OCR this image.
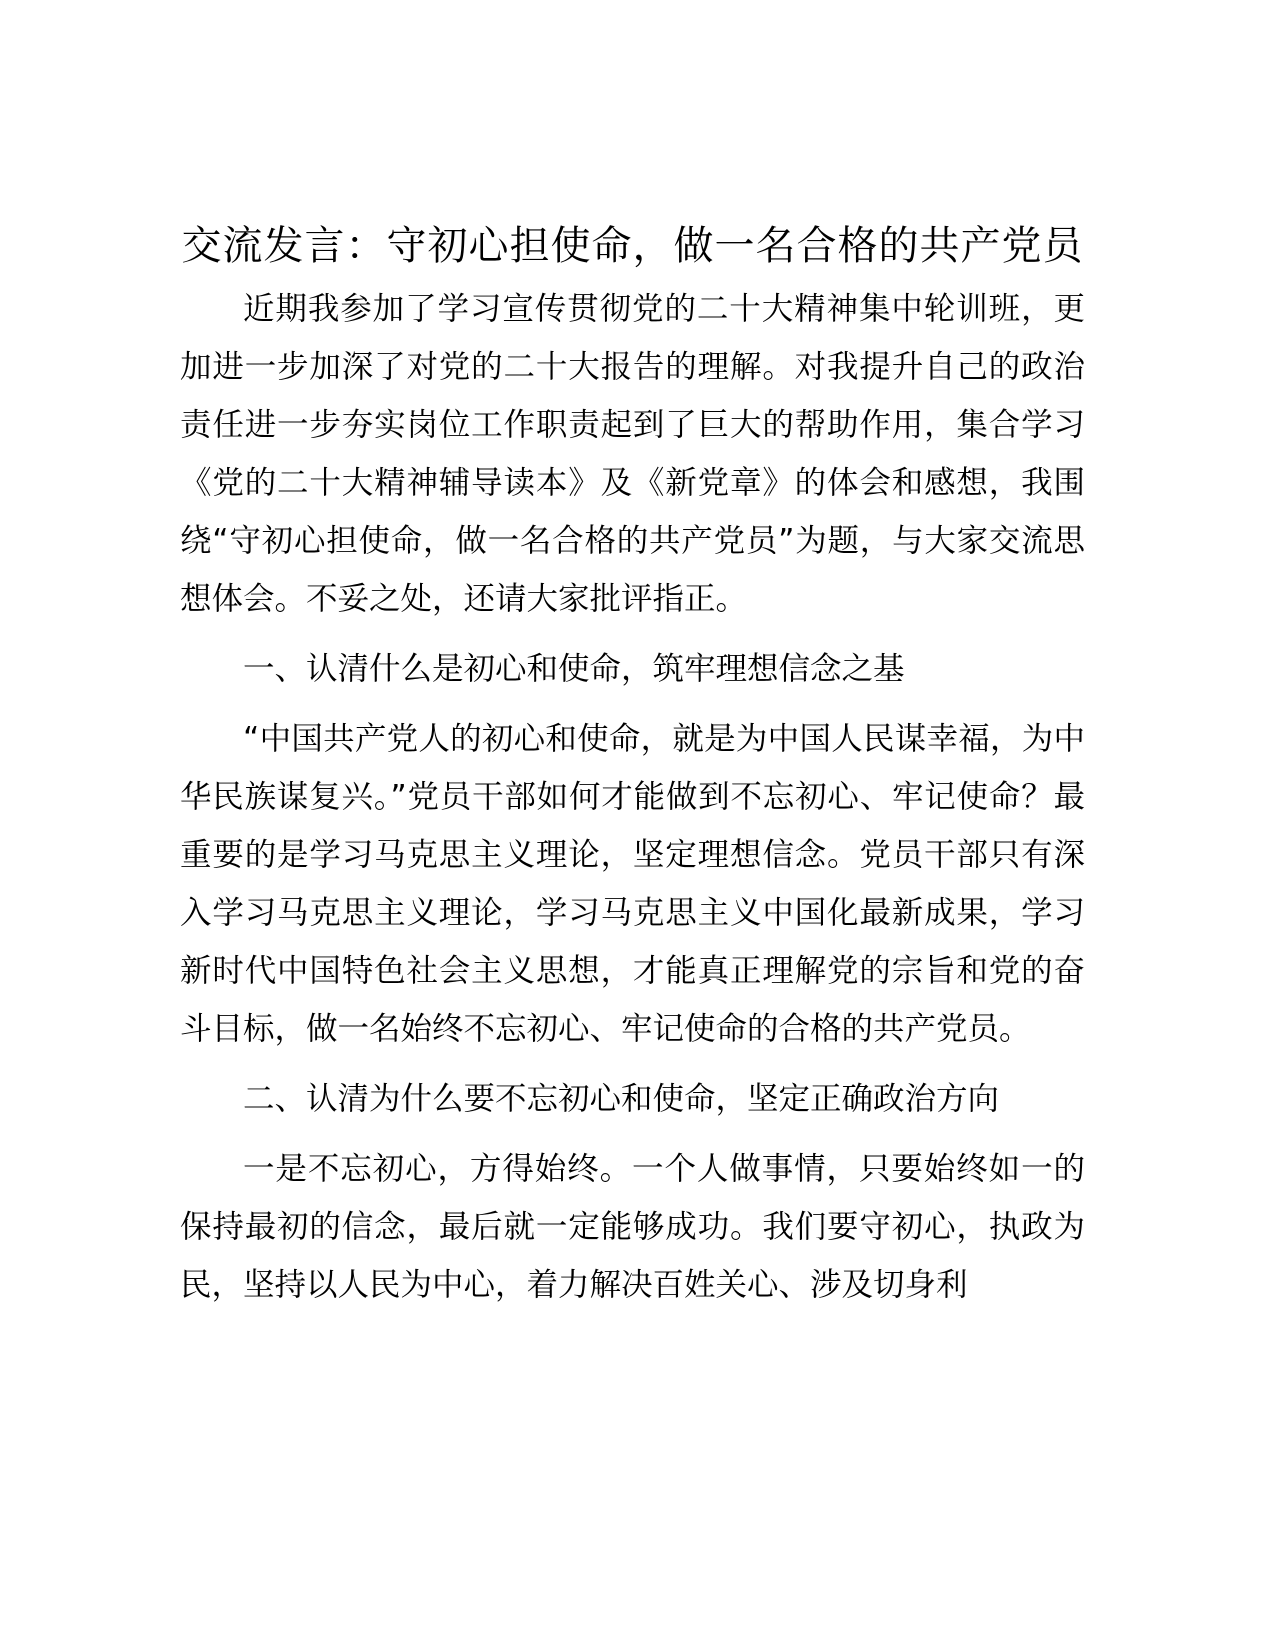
交流发言：守初心担使命，做一名合格的共产党员

近期我参加了学习宣传贯彻党的二十大精神集中轮训班，更加进一步加深了对党的二十大报告的理解。对我提升自己的政治责任进一步夯实岗位工作职责起到了巨大的帮助作用，集合学习《党的二十大精神辅导读本》及《新党章》的体会和感想，我围绕“守初心担使命，做一名合格的共产党员”为题，与大家交流思想体会。不妥之处，还请大家批评指正。

一、认清什么是初心和使命，筑牢理想信念之基

“中国共产党人的初心和使命，就是为中国人民谋幸福，为中华民族谋复兴。”党员干部如何才能做到不忘初心、牢记使命？最重要的是学习马克思主义理论，坚定理想信念。党员干部只有深入学习马克思主义理论，学习马克思主义中国化最新成果，学习新时代中国特色社会主义思想，才能真正理解党的宗旨和党的奋斗目标，做一名始终不忘初心、牢记使命的合格的共产党员。

二、认清为什么要不忘初心和使命，坚定正确政治方向

一是不忘初心，方得始终。一个人做事情，只要始终如一的保持最初的信念，最后就一定能够成功。我们要守初心，执政为民，坚持以人民为中心，着力解决百姓关心、涉及切身利
